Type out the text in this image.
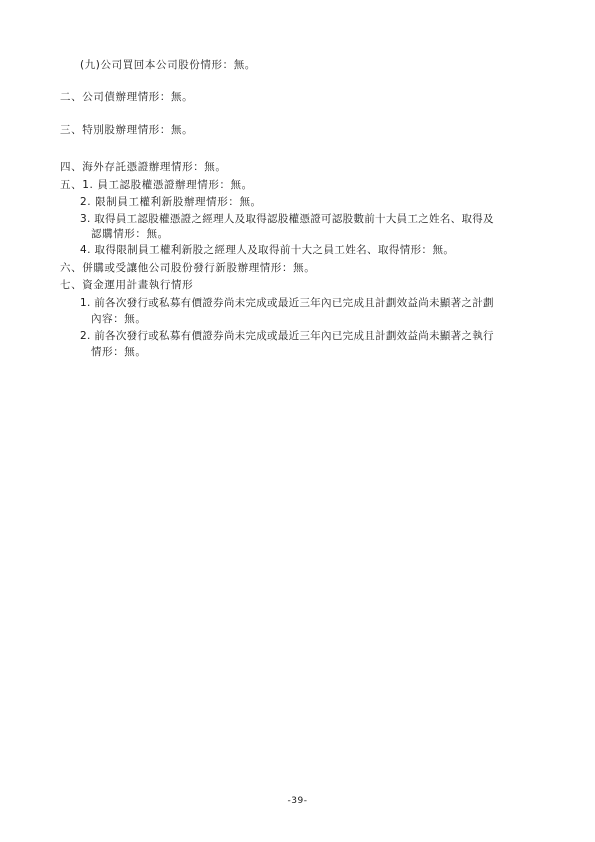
(九)公司買回本公司股份情形：無。
二、公司債辦理情形：無。
三、特別股辦理情形：無。
四、海外存託憑證辦理情形：無。
五、1. 員工認股權憑證辦理情形：無。
2. 限制員工權利新股辦理情形：無。
3. 取得員工認股權憑證之經理人及取得認股權憑證可認股數前十大員工之姓名、取得及
認購情形：無。
4. 取得限制員工權利新股之經理人及取得前十大之員工姓名、取得情形：無。
六、併購或受讓他公司股份發行新股辦理情形：無。
七、資金運用計畫執行情形
1. 前各次發行或私募有價證券尚未完成或最近三年內已完成且計劃效益尚未顯著之計劃
內容：無。
2. 前各次發行或私募有價證券尚未完成或最近三年內已完成且計劃效益尚未顯著之執行
情形：無。
-39-
